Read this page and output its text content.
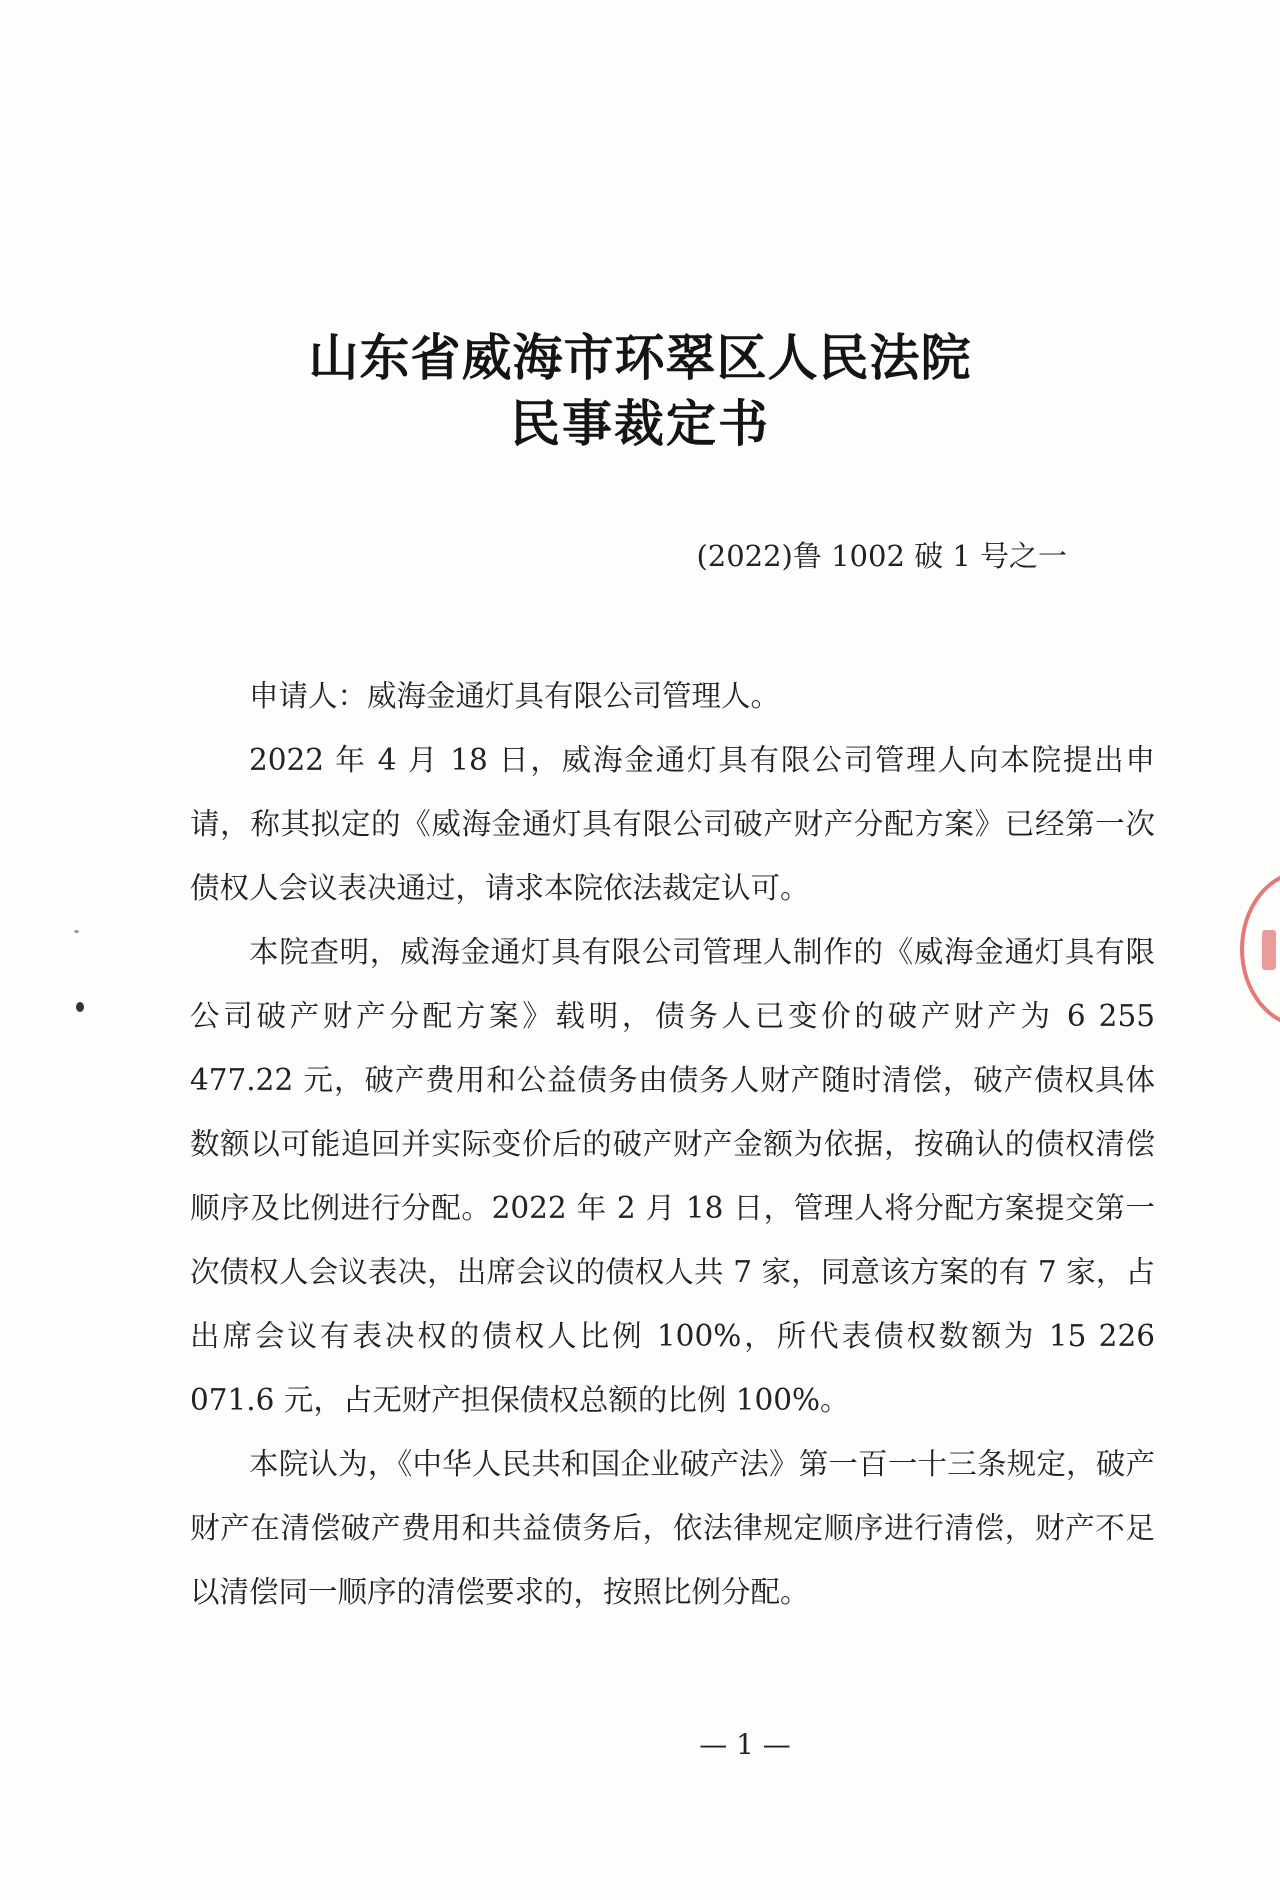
山东省威海市环翠区人民法院
民事裁定书
(2022)鲁 1002 破 1 号之一

申请人：威海金通灯具有限公司管理人。

2022 年 4 月 18 日，威海金通灯具有限公司管理人向本院提出申请，称其拟定的《威海金通灯具有限公司破产财产分配方案》已经第一次债权人会议表决通过，请求本院依法裁定认可。

本院查明，威海金通灯具有限公司管理人制作的《威海金通灯具有限公司破产财产分配方案》载明，债务人已变价的破产财产为 6 255 477.22 元，破产费用和公益债务由债务人财产随时清偿，破产债权具体数额以可能追回并实际变价后的破产财产金额为依据，按确认的债权清偿顺序及比例进行分配。2022 年 2 月 18 日，管理人将分配方案提交第一次债权人会议表决，出席会议的债权人共 7 家，同意该方案的有 7 家，占出席会议有表决权的债权人比例 100%，所代表债权数额为 15 226 071.6 元，占无财产担保债权总额的比例 100%。

本院认为，《中华人民共和国企业破产法》第一百一十三条规定，破产财产在清偿破产费用和共益债务后，依法律规定顺序进行清偿，财产不足以清偿同一顺序的清偿要求的，按照比例分配。

— 1 —
